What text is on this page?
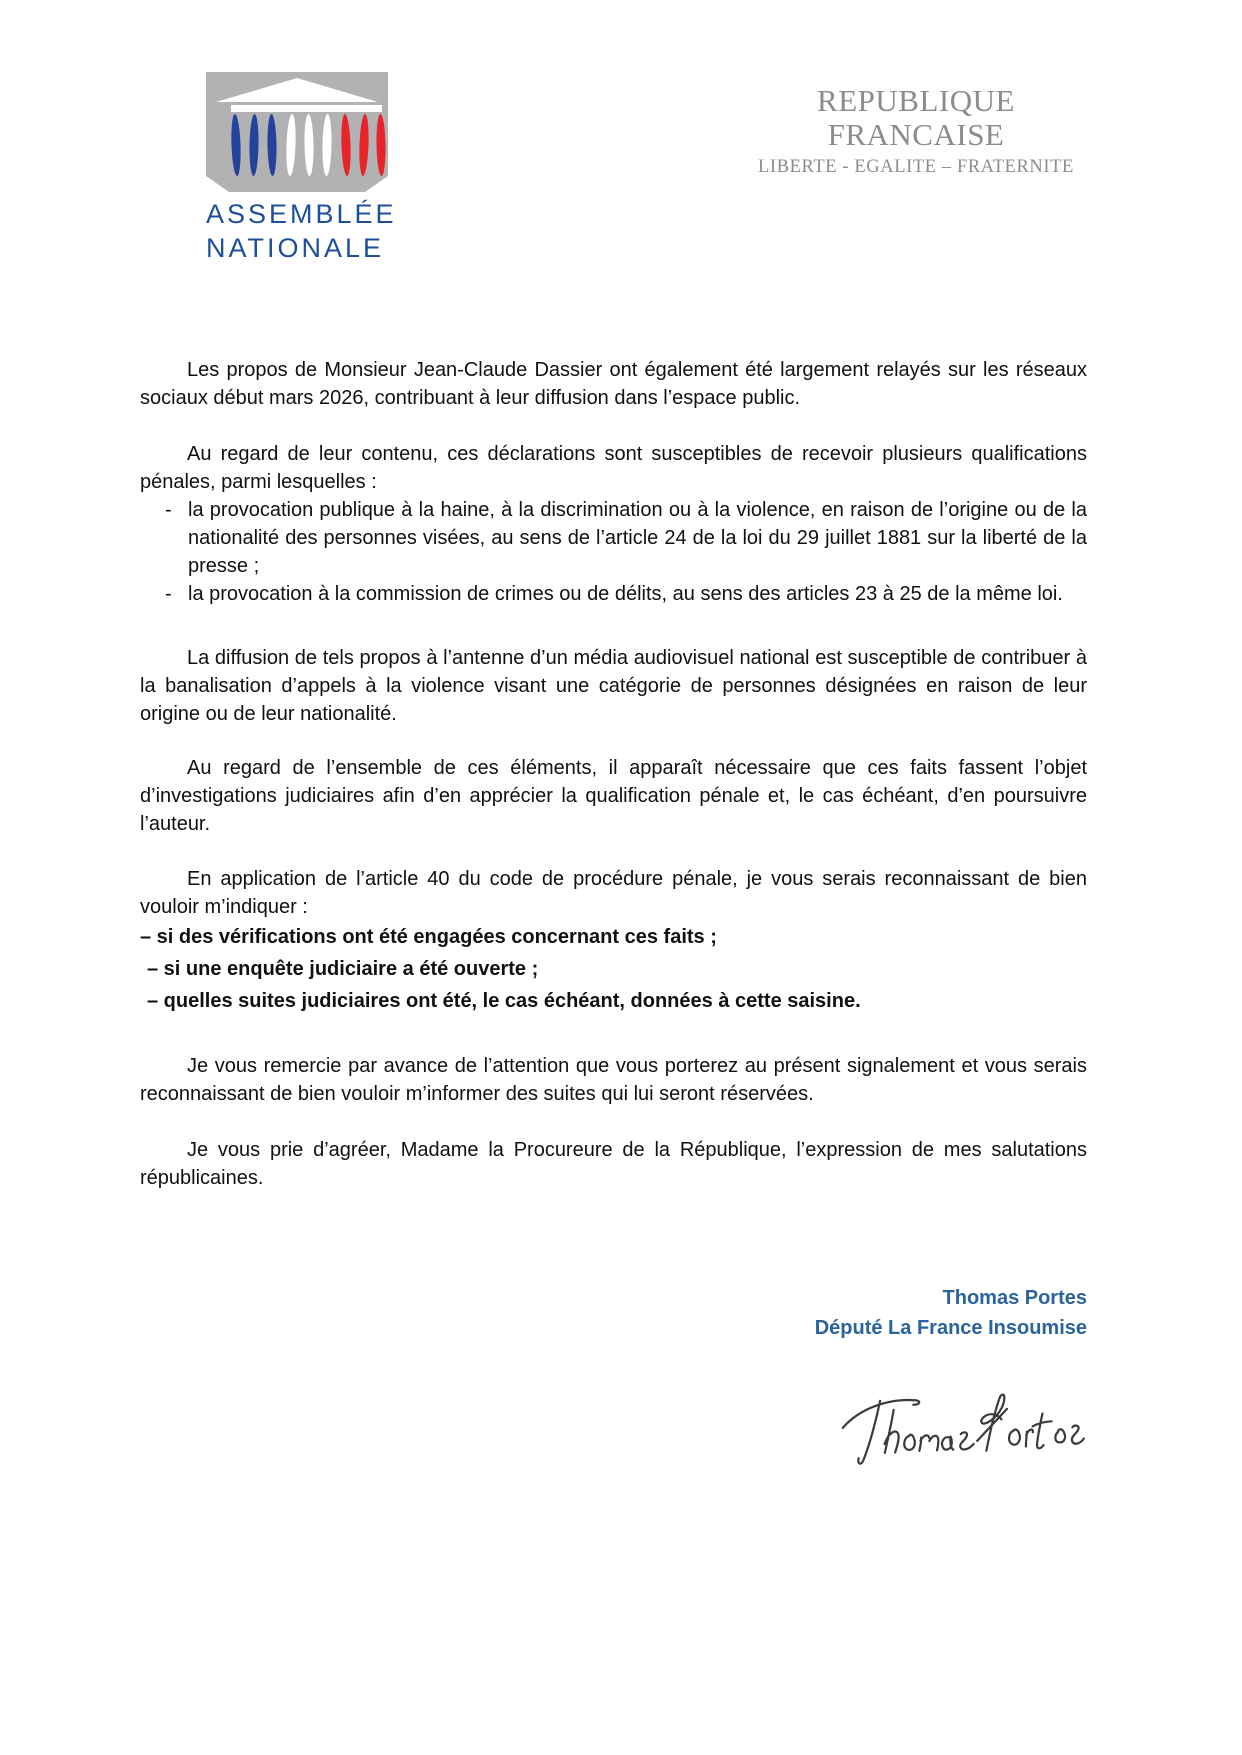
ASSEMBLÉE
NATIONALE
REPUBLIQUE FRANCAISE
LIBERTE - EGALITE – FRATERNITE

Les propos de Monsieur Jean-Claude Dassier ont également été largement relayés sur les réseaux sociaux début mars 2026, contribuant à leur diffusion dans l’espace public.

Au regard de leur contenu, ces déclarations sont susceptibles de recevoir plusieurs qualifications pénales, parmi lesquelles :

- la provocation publique à la haine, à la discrimination ou à la violence, en raison de l’origine ou de la nationalité des personnes visées, au sens de l’article 24 de la loi du 29 juillet 1881 sur la liberté de la presse ;
- la provocation à la commission de crimes ou de délits, au sens des articles 23 à 25 de la même loi.

La diffusion de tels propos à l’antenne d’un média audiovisuel national est susceptible de contribuer à la banalisation d’appels à la violence visant une catégorie de personnes désignées en raison de leur origine ou de leur nationalité.

Au regard de l’ensemble de ces éléments, il apparaît nécessaire que ces faits fassent l’objet d’investigations judiciaires afin d’en apprécier la qualification pénale et, le cas échéant, d’en poursuivre l’auteur.

En application de l’article 40 du code de procédure pénale, je vous serais reconnaissant de bien vouloir m’indiquer :

– si des vérifications ont été engagées concernant ces faits ;

– si une enquête judiciaire a été ouverte ;

– quelles suites judiciaires ont été, le cas échéant, données à cette saisine.

Je vous remercie par avance de l’attention que vous porterez au présent signalement et vous serais reconnaissant de bien vouloir m’informer des suites qui lui seront réservées.

Je vous prie d’agréer, Madame la Procureure de la République, l’expression de mes salutations républicaines.

Thomas Portes
Député La France Insoumise
